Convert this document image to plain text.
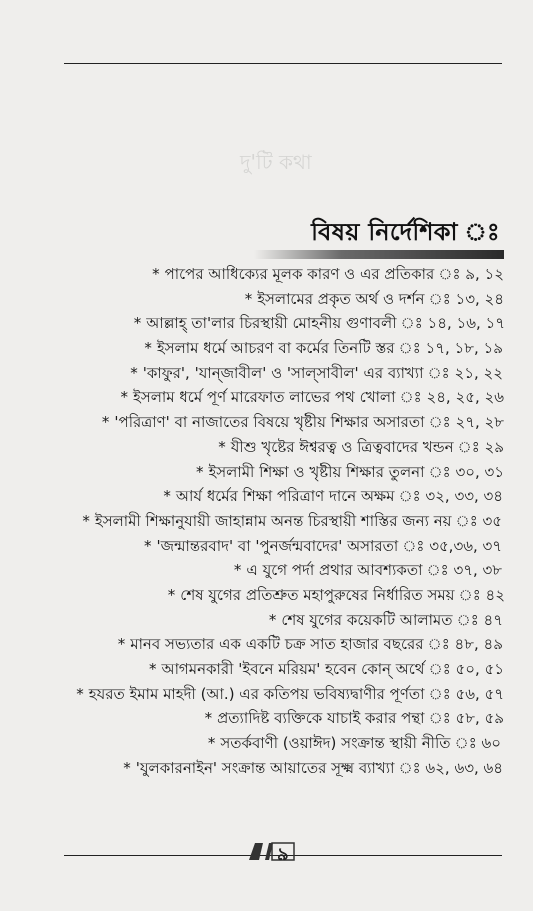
দু'টি কথা
বিষয় নির্দেশিকা ঃ
* পাপের আধিক্যের মূলক কারণ ও এর প্রতিকার ঃ ৯, ১২
* ইসলামের প্রকৃত অর্থ ও দর্শন ঃ ১৩, ২৪
* আল্লাহ্ তা'লার চিরস্থায়ী মোহনীয় গুণাবলী ঃ ১৪, ১৬, ১৭
* ইসলাম ধর্মে আচরণ বা কর্মের তিনটি স্তর ঃ ১৭, ১৮, ১৯
* 'কাফুর', 'যান্‌জাবীল' ও 'সাল্‌সাবীল' এর ব্যাখ্যা ঃ ২১, ২২
* ইসলাম ধর্মে পূর্ণ মারেফাত লাভের পথ খোলা ঃ ২৪, ২৫, ২৬
* 'পরিত্রাণ' বা নাজাতের বিষয়ে খৃষ্টীয় শিক্ষার অসারতা ঃ ২৭, ২৮
* যীশু খৃষ্টের ঈশ্বরত্ব ও ত্রিত্ববাদের খন্ডন ঃ ২৯
* ইসলামী শিক্ষা ও খৃষ্টীয় শিক্ষার তুলনা ঃ ৩০, ৩১
* আর্য ধর্মের শিক্ষা পরিত্রাণ দানে অক্ষম ঃ ৩২, ৩৩, ৩৪
* ইসলামী শিক্ষানুযায়ী জাহান্নাম অনন্ত চিরস্থায়ী শাস্তির জন্য নয় ঃ ৩৫
* 'জন্মান্তরবাদ' বা 'পুনর্জন্মবাদের' অসারতা ঃ ৩৫,৩৬, ৩৭
* এ যুগে পর্দা প্রথার আবশ্যকতা ঃ ৩৭, ৩৮
* শেষ যুগের প্রতিশ্রুত মহাপুরুষের নির্ধারিত সময় ঃ ৪২
* শেষ যুগের কয়েকটি আলামত ঃ ৪৭
* মানব সভ্যতার এক একটি চক্র সাত হাজার বছরের ঃ ৪৮, ৪৯
* আগমনকারী 'ইবনে মরিয়ম' হবেন কোন্ অর্থে ঃ ৫০, ৫১
* হযরত ইমাম মাহদী (আ.) এর কতিপয় ভবিষ্যদ্বাণীর পূর্ণতা ঃ ৫৬, ৫৭
* প্রত্যাদিষ্ট ব্যক্তিকে যাচাই করার পন্থা ঃ ৫৮, ৫৯
* সতর্কবাণী (ওয়াঈদ) সংক্রান্ত স্থায়ী নীতি ঃ ৬০
* 'যুলকারনাইন' সংক্রান্ত আয়াতের সূক্ষ্ম ব্যাখ্যা ঃ ৬২, ৬৩, ৬৪
৯
